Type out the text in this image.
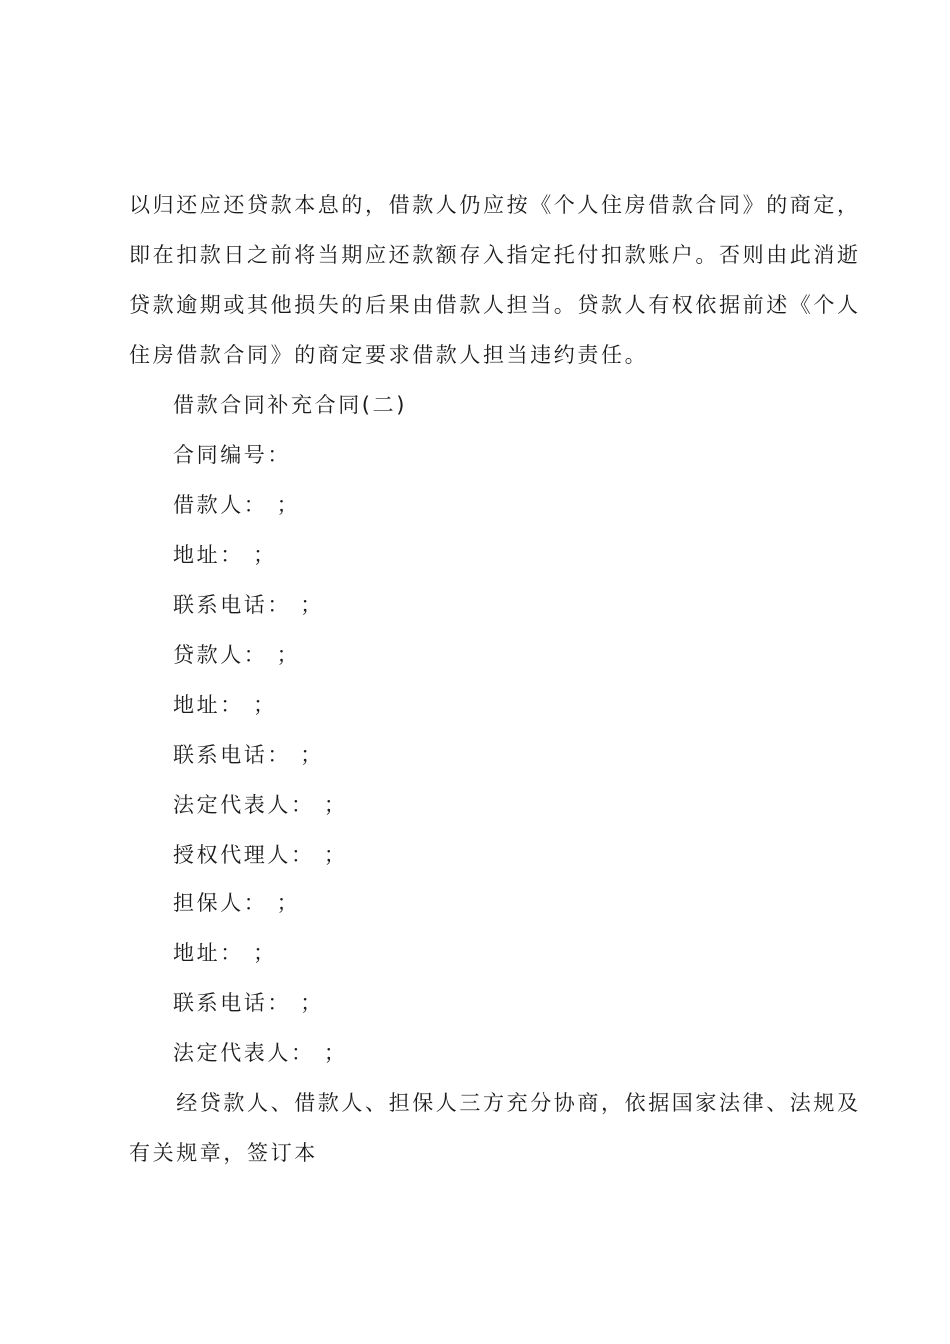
以归还应还贷款本息的，借款人仍应按《个人住房借款合同》的商定，
即在扣款日之前将当期应还款额存入指定托付扣款账户。否则由此消逝
贷款逾期或其他损失的后果由借款人担当。贷款人有权依据前述《个人
住房借款合同》的商定要求借款人担当违约责任。

借款合同补充合同(二)

合同编号：

借款人： ；

地址： ；

联系电话： ；

贷款人： ；

地址： ；

联系电话： ；

法定代表人： ；

授权代理人： ；

担保人： ；

地址： ；

联系电话： ；

法定代表人： ；

　　经贷款人、借款人、担保人三方充分协商，依据国家法律、法规及
有关规章，签订本
